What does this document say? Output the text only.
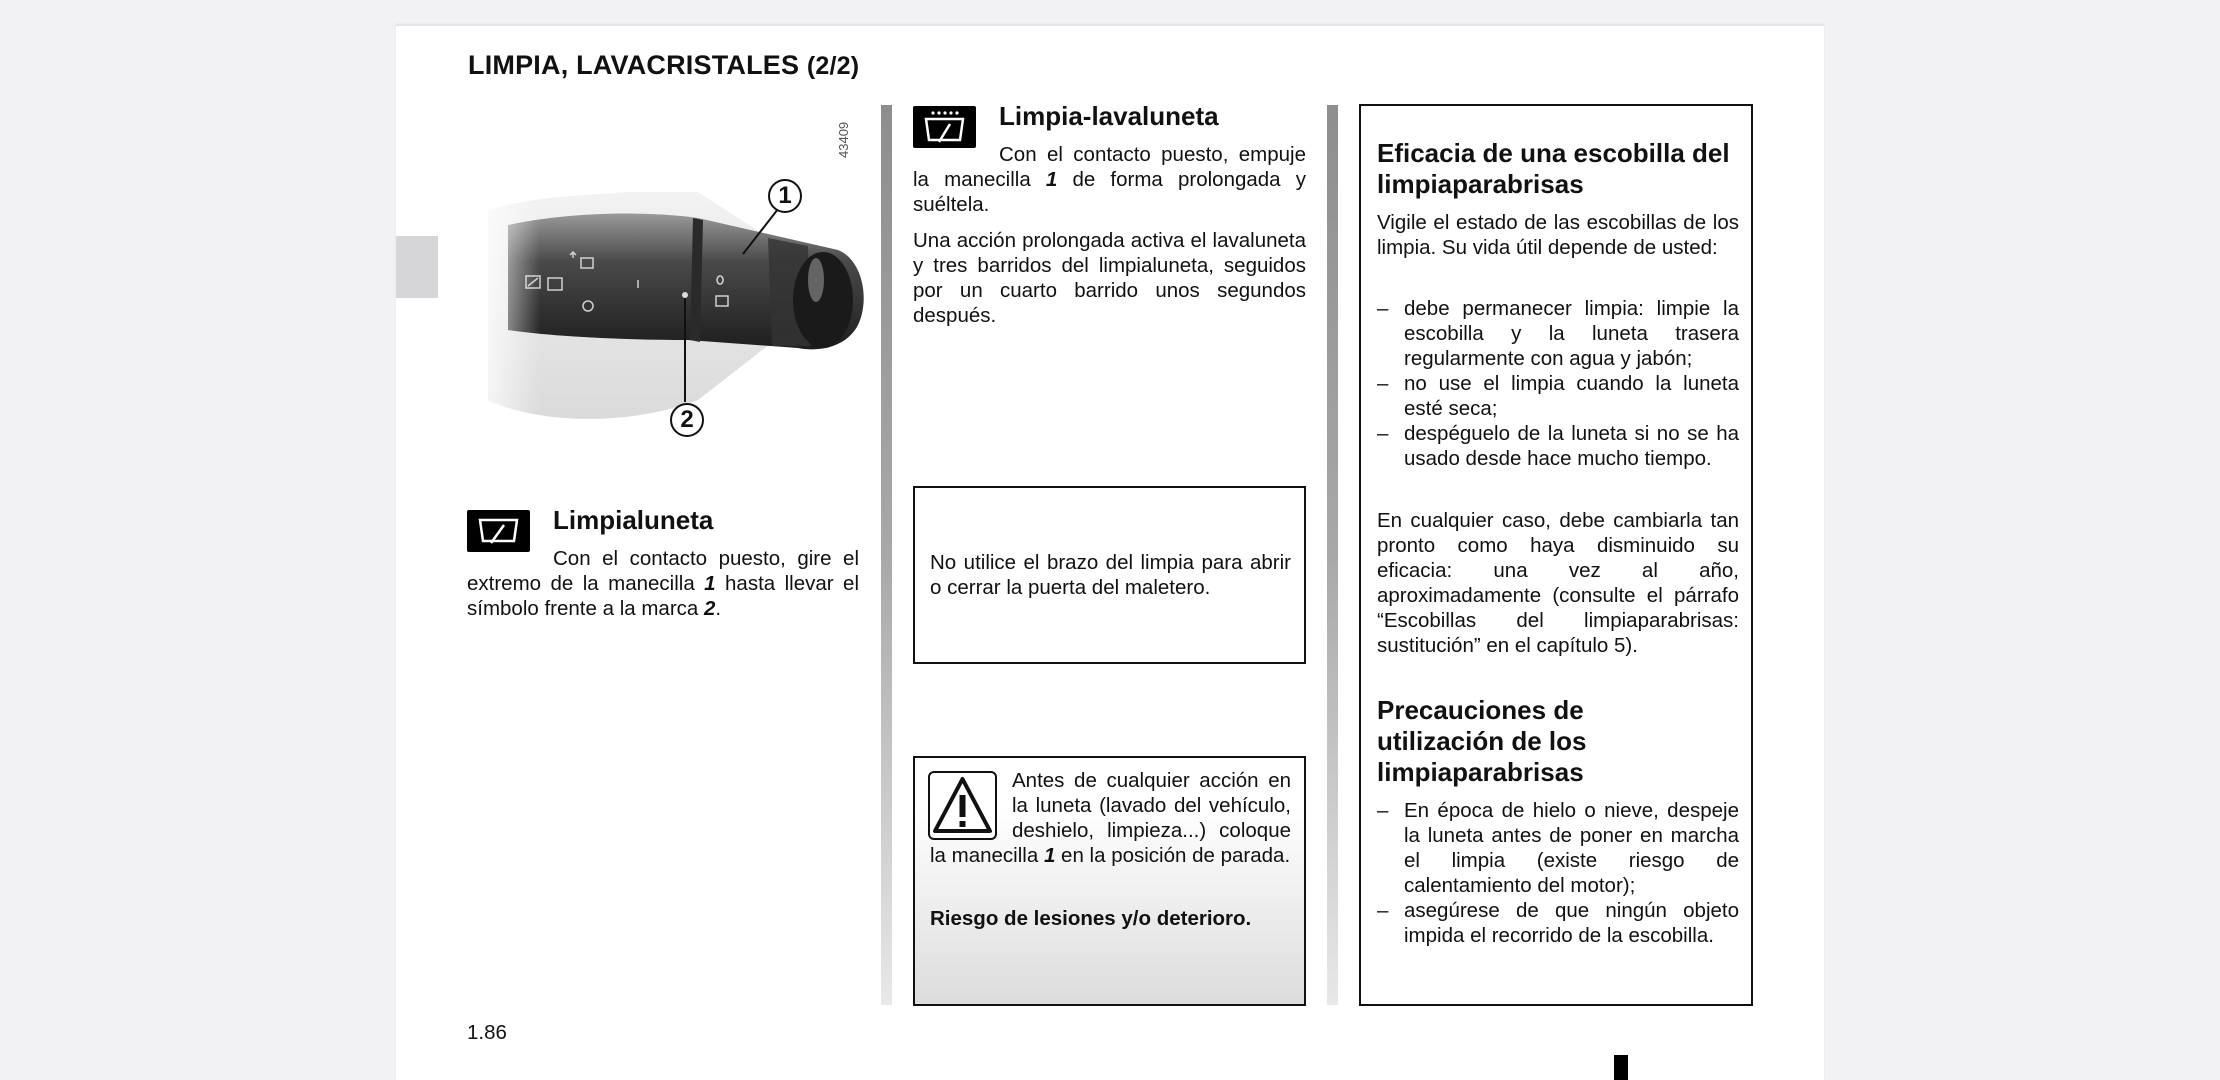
LIMPIA, LAVACRISTALES (2/2)
43409
1
2
Limpialuneta
Con el contacto puesto, gire el extremo de la manecilla 1 hasta llevar el símbolo frente a la marca 2.
Limpia-lavaluneta
Con el contacto puesto, empuje la manecilla 1 de forma prolongada y suéltela.
Una acción prolongada activa el lavaluneta y tres barridos del limpialuneta, seguidos por un cuarto barrido unos segundos después.
No utilice el brazo del limpia para abrir o cerrar la puerta del maletero.
Antes de cualquier acción en la luneta (lavado del vehículo, deshielo, limpieza...) coloque la manecilla 1 en la posición de parada.
Riesgo de lesiones y/o deterioro.
Eficacia de una escobilla del limpiaparabrisas
Vigile el estado de las escobillas de los limpia. Su vida útil depende de usted:
– debe permanecer limpia: limpie la escobilla y la luneta trasera regularmente con agua y jabón;
– no use el limpia cuando la luneta esté seca;
– despéguelo de la luneta si no se ha usado desde hace mucho tiempo.
En cualquier caso, debe cambiarla tan pronto como haya disminuido su eficacia: una vez al año, aproximadamente (consulte el párrafo “Escobillas del limpiaparabrisas: sustitución” en el capítulo 5).
Precauciones de utilización de los limpiaparabrisas
– En época de hielo o nieve, despeje la luneta antes de poner en marcha el limpia (existe riesgo de calentamiento del motor);
– asegúrese de que ningún objeto impida el recorrido de la escobilla.
1.86
